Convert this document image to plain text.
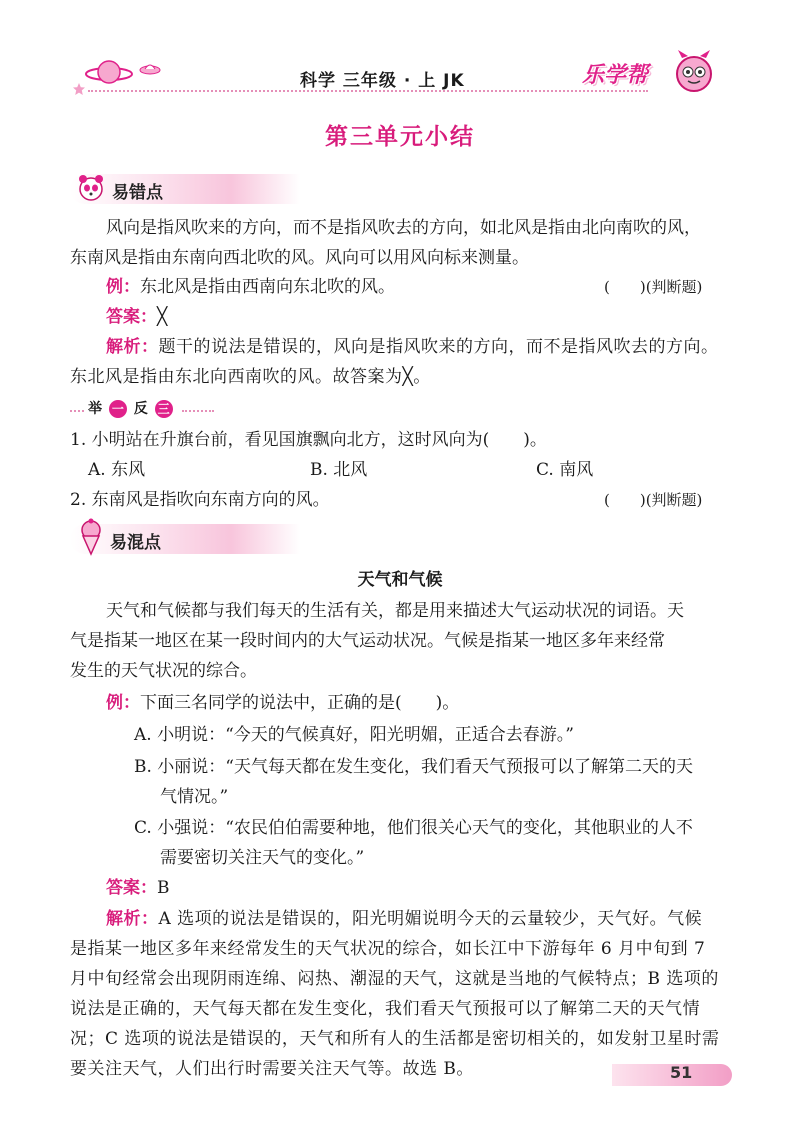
科学 三年级 · 上 JK	乐学帮
第三单元小结
易错点
风向是指风吹来的方向，而不是指风吹去的方向，如北风是指由北向南吹的风，
东南风是指由东南向西北吹的风。风向可以用风向标来测量。
例：东北风是指由西南向东北吹的风。	(　　)(判断题)
答案：╳
解析：题干的说法是错误的，风向是指风吹来的方向，而不是指风吹去的方向。
东北风是指由东北向西南吹的风。故答案为╳。
举 一 反 三
1. 小明站在升旗台前，看见国旗飘向北方，这时风向为(　　)。
A. 东风	B. 北风	C. 南风
2. 东南风是指吹向东南方向的风。	(　　)(判断题)
易混点
天气和气候
天气和气候都与我们每天的生活有关，都是用来描述大气运动状况的词语。天
气是指某一地区在某一段时间内的大气运动状况。气候是指某一地区多年来经常
发生的天气状况的综合。
例：下面三名同学的说法中，正确的是(　　)。
A. 小明说：“今天的气候真好，阳光明媚，正适合去春游。”
B. 小丽说：“天气每天都在发生变化，我们看天气预报可以了解第二天的天
气情况。”
C. 小强说：“农民伯伯需要种地，他们很关心天气的变化，其他职业的人不
需要密切关注天气的变化。”
答案：B
解析：A 选项的说法是错误的，阳光明媚说明今天的云量较少，天气好。气候
是指某一地区多年来经常发生的天气状况的综合，如长江中下游每年 6 月中旬到 7
月中旬经常会出现阴雨连绵、闷热、潮湿的天气，这就是当地的气候特点；B 选项的
说法是正确的，天气每天都在发生变化，我们看天气预报可以了解第二天的天气情
况；C 选项的说法是错误的，天气和所有人的生活都是密切相关的，如发射卫星时需
要关注天气，人们出行时需要关注天气等。故选 B。	51
